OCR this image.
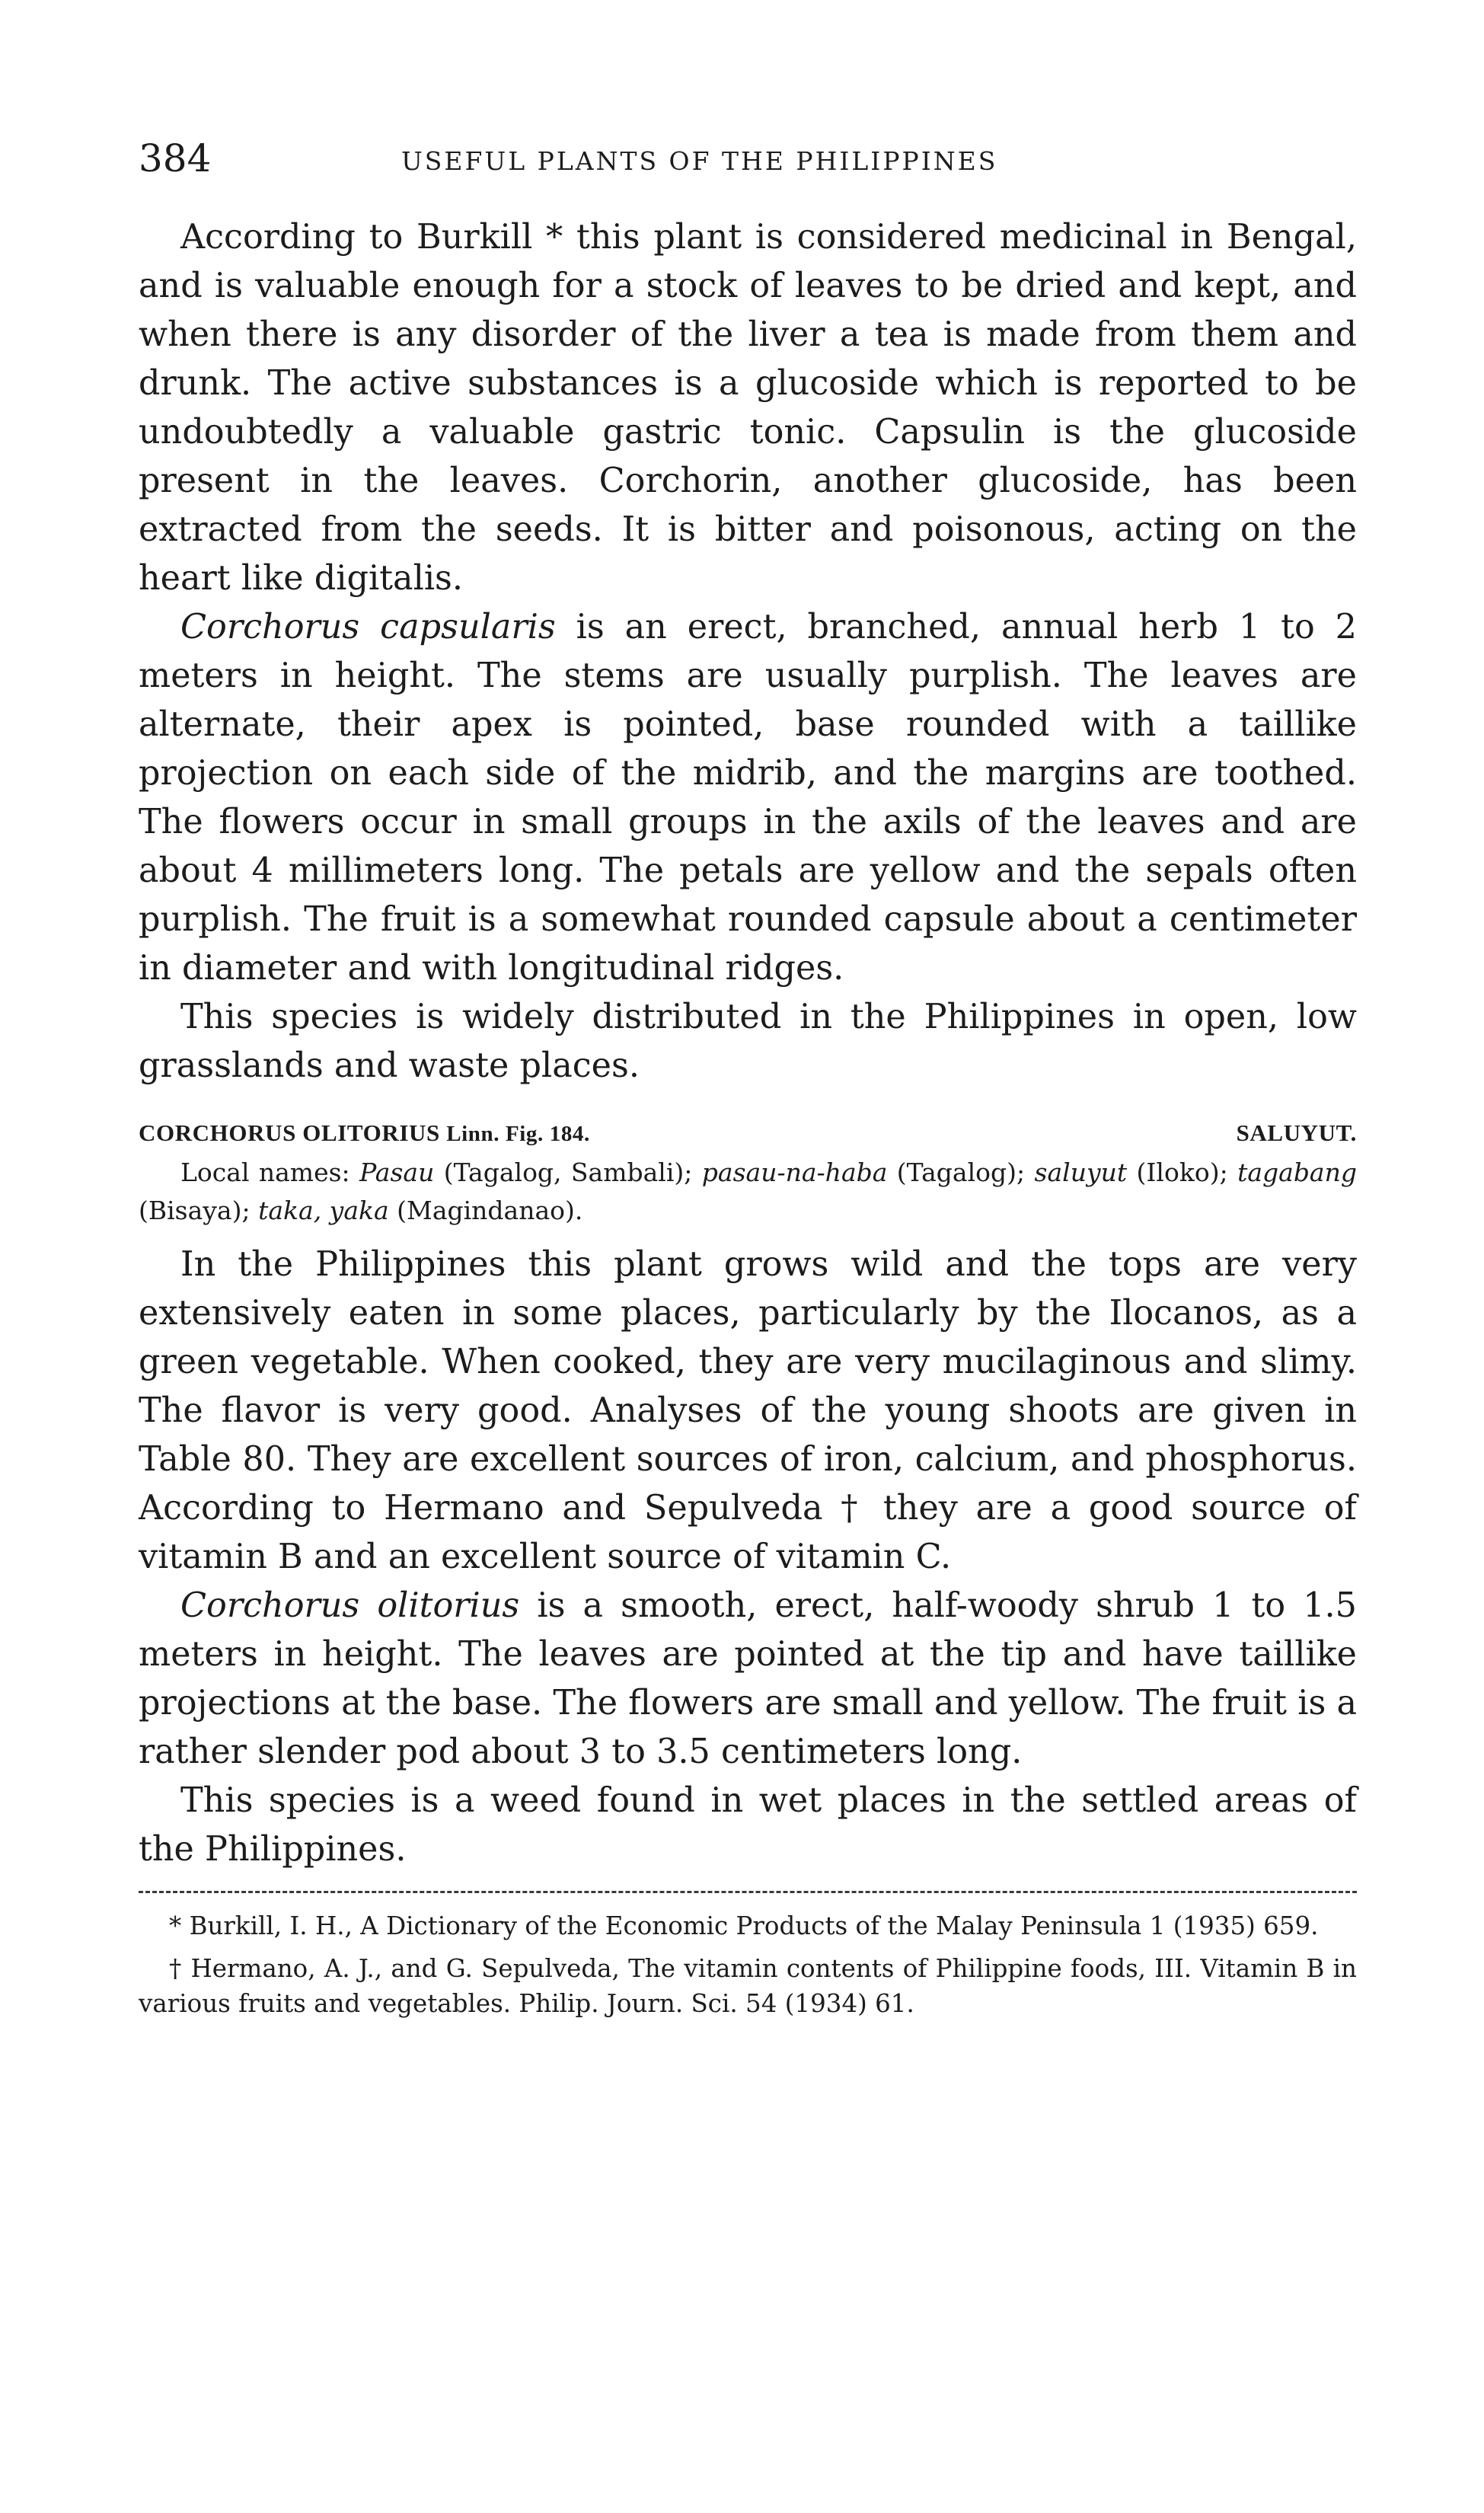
384	USEFUL PLANTS OF THE PHILIPPINES

According to Burkill * this plant is considered medicinal in Bengal, and is valuable enough for a stock of leaves to be dried and kept, and when there is any disorder of the liver a tea is made from them and drunk. The active substances is a glucoside which is reported to be undoubtedly a valuable gastric tonic. Capsulin is the glucoside present in the leaves. Corchorin, another glucoside, has been extracted from the seeds. It is bitter and poisonous, acting on the heart like digitalis.

Corchorus capsularis is an erect, branched, annual herb 1 to 2 meters in height. The stems are usually purplish. The leaves are alternate, their apex is pointed, base rounded with a taillike projection on each side of the midrib, and the margins are toothed. The flowers occur in small groups in the axils of the leaves and are about 4 millimeters long. The petals are yellow and the sepals often purplish. The fruit is a somewhat rounded capsule about a centimeter in diameter and with longitudinal ridges.

This species is widely distributed in the Philippines in open, low grasslands and waste places.

CORCHORUS OLITORIUS Linn. Fig. 184.	SALUYUT.
Local names: Pasau (Tagalog, Sambali); pasau-na-haba (Tagalog); saluyut (Iloko); tagabang (Bisaya); taka, yaka (Magindanao).

In the Philippines this plant grows wild and the tops are very extensively eaten in some places, particularly by the Ilocanos, as a green vegetable. When cooked, they are very mucilaginous and slimy. The flavor is very good. Analyses of the young shoots are given in Table 80. They are excellent sources of iron, calcium, and phosphorus. According to Hermano and Sepulveda † they are a good source of vitamin B and an excellent source of vitamin C.

Corchorus olitorius is a smooth, erect, half-woody shrub 1 to 1.5 meters in height. The leaves are pointed at the tip and have taillike projections at the base. The flowers are small and yellow. The fruit is a rather slender pod about 3 to 3.5 centimeters long.

This species is a weed found in wet places in the settled areas of the Philippines.

* Burkill, I. H., A Dictionary of the Economic Products of the Malay Peninsula 1 (1935) 659.

† Hermano, A. J., and G. Sepulveda, The vitamin contents of Philippine foods, III. Vitamin B in various fruits and vegetables. Philip. Journ. Sci. 54 (1934) 61.
